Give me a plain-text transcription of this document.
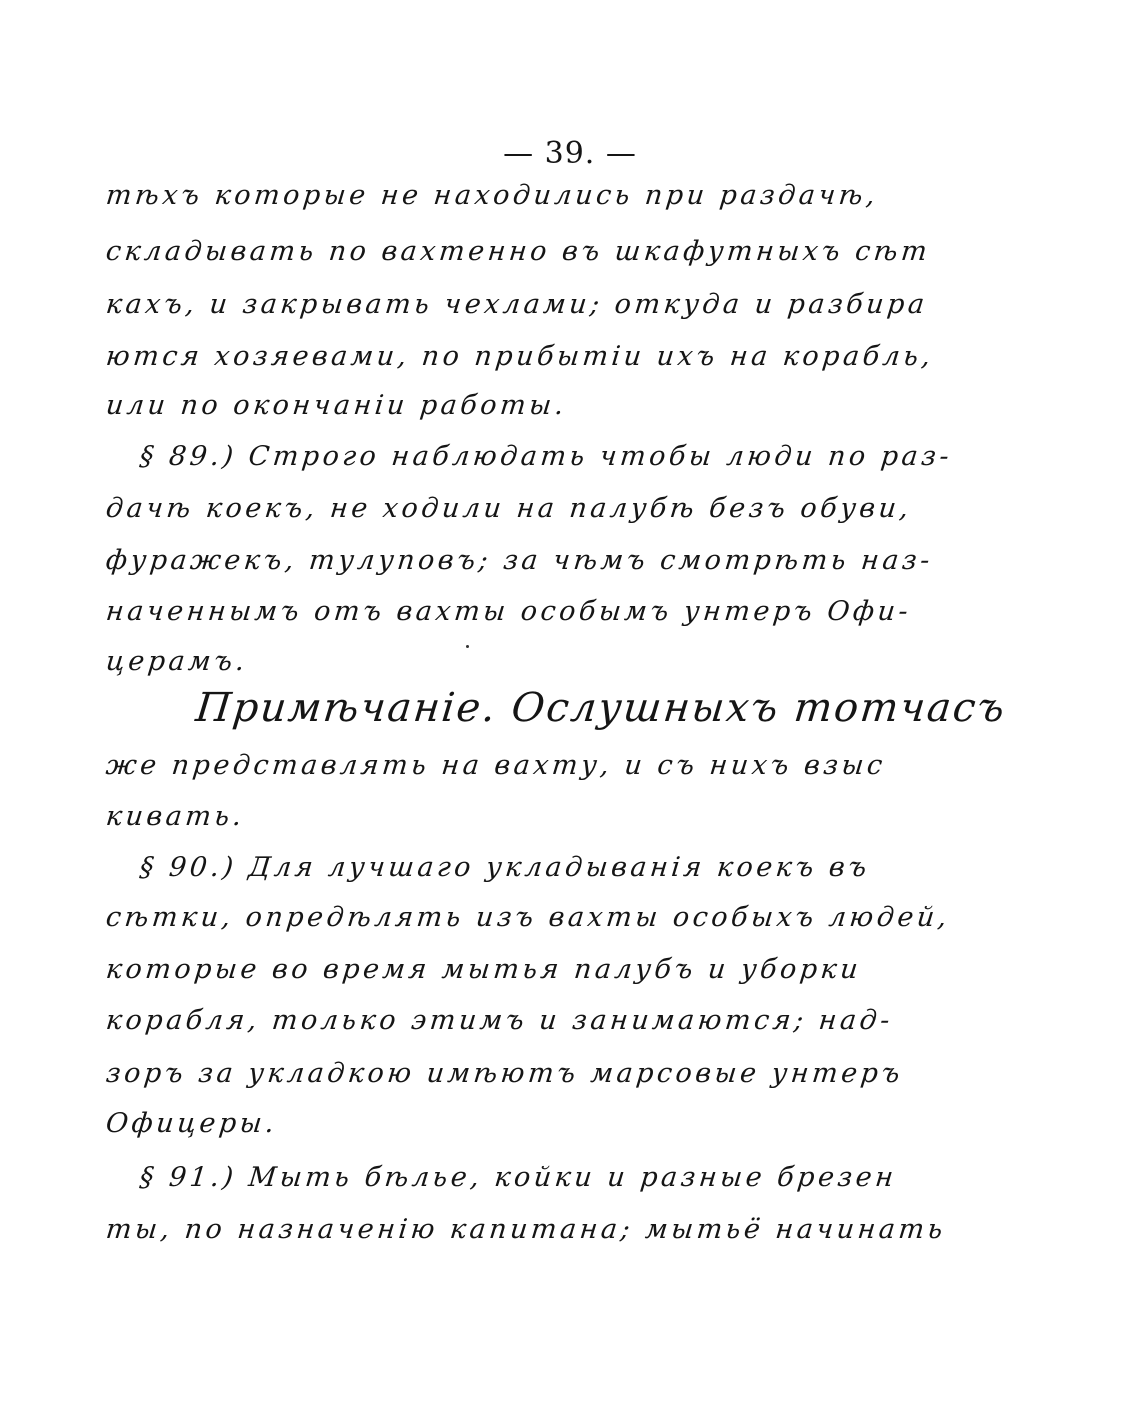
— 39. —
тѣхъ которые не находились при раздачѣ,
складывать по вахтенно въ шкафутныхъ сѣт
кахъ, и закрывать чехлами; откуда и разбира
ются хозяевами, по прибытіи ихъ на корабль,
или по окончаніи работы.
§ 89.) Строго наблюдать чтобы люди по раз-
дачѣ коекъ, не ходили на палубѣ безъ обуви,
фуражекъ, тулуповъ; за чѣмъ смотрѣть наз-
наченнымъ отъ вахты особымъ унтеръ Офи-
церамъ.
Примѣчаніе. Ослушныхъ тотчасъ
же представлять на вахту, и съ нихъ взыс
кивать.
§ 90.) Для лучшаго укладыванія коекъ въ
сѣтки, опредѣлять изъ вахты особыхъ людей,
которые во время мытья палубъ и уборки
корабля, только этимъ и занимаются; над-
зоръ за укладкою имѣютъ марсовые унтеръ
Офицеры.
§ 91.) Мыть бѣлье, койки и разные брезен
ты, по назначенію капитана; мытьё начинать
